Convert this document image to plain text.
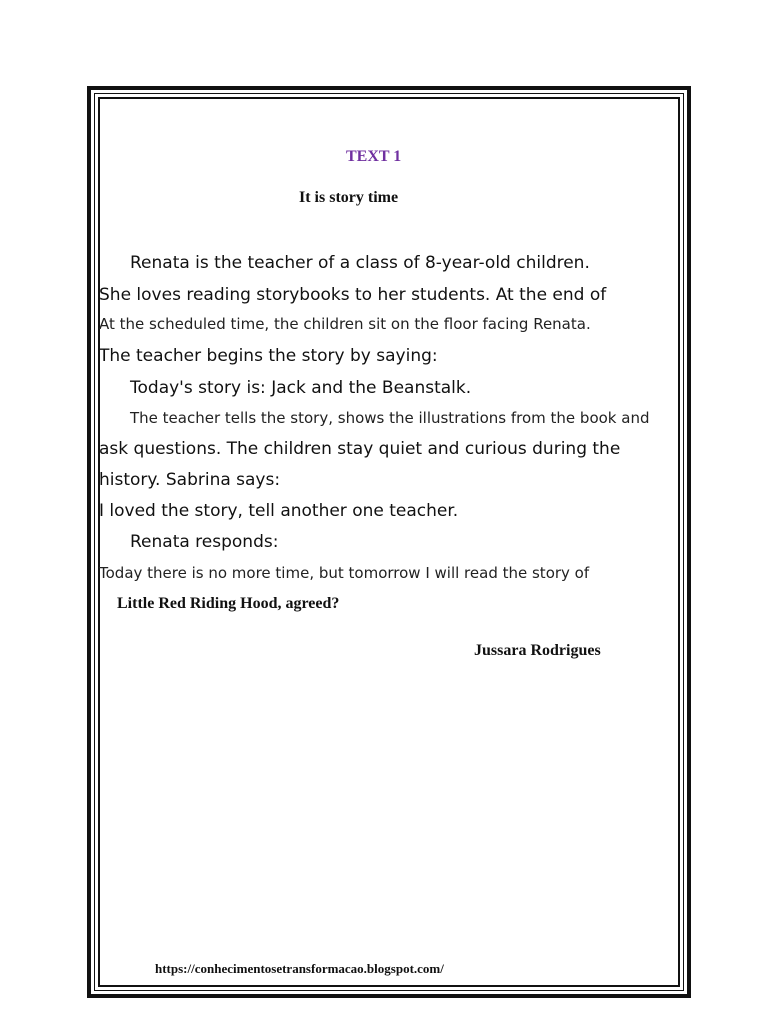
TEXT 1

It is story time

Renata is the teacher of a class of 8-year-old children.

She loves reading storybooks to her students. At the end of

At the scheduled time, the children sit on the floor facing Renata.

The teacher begins the story by saying:

Today's story is: Jack and the Beanstalk.

The teacher tells the story, shows the illustrations from the book and

ask questions. The children stay quiet and curious during the

history. Sabrina says:

I loved the story, tell another one teacher.

Renata responds:

Today there is no more time, but tomorrow I will read the story of

Little Red Riding Hood, agreed?

Jussara Rodrigues

https://conhecimentosetransformacao.blogspot.com/
